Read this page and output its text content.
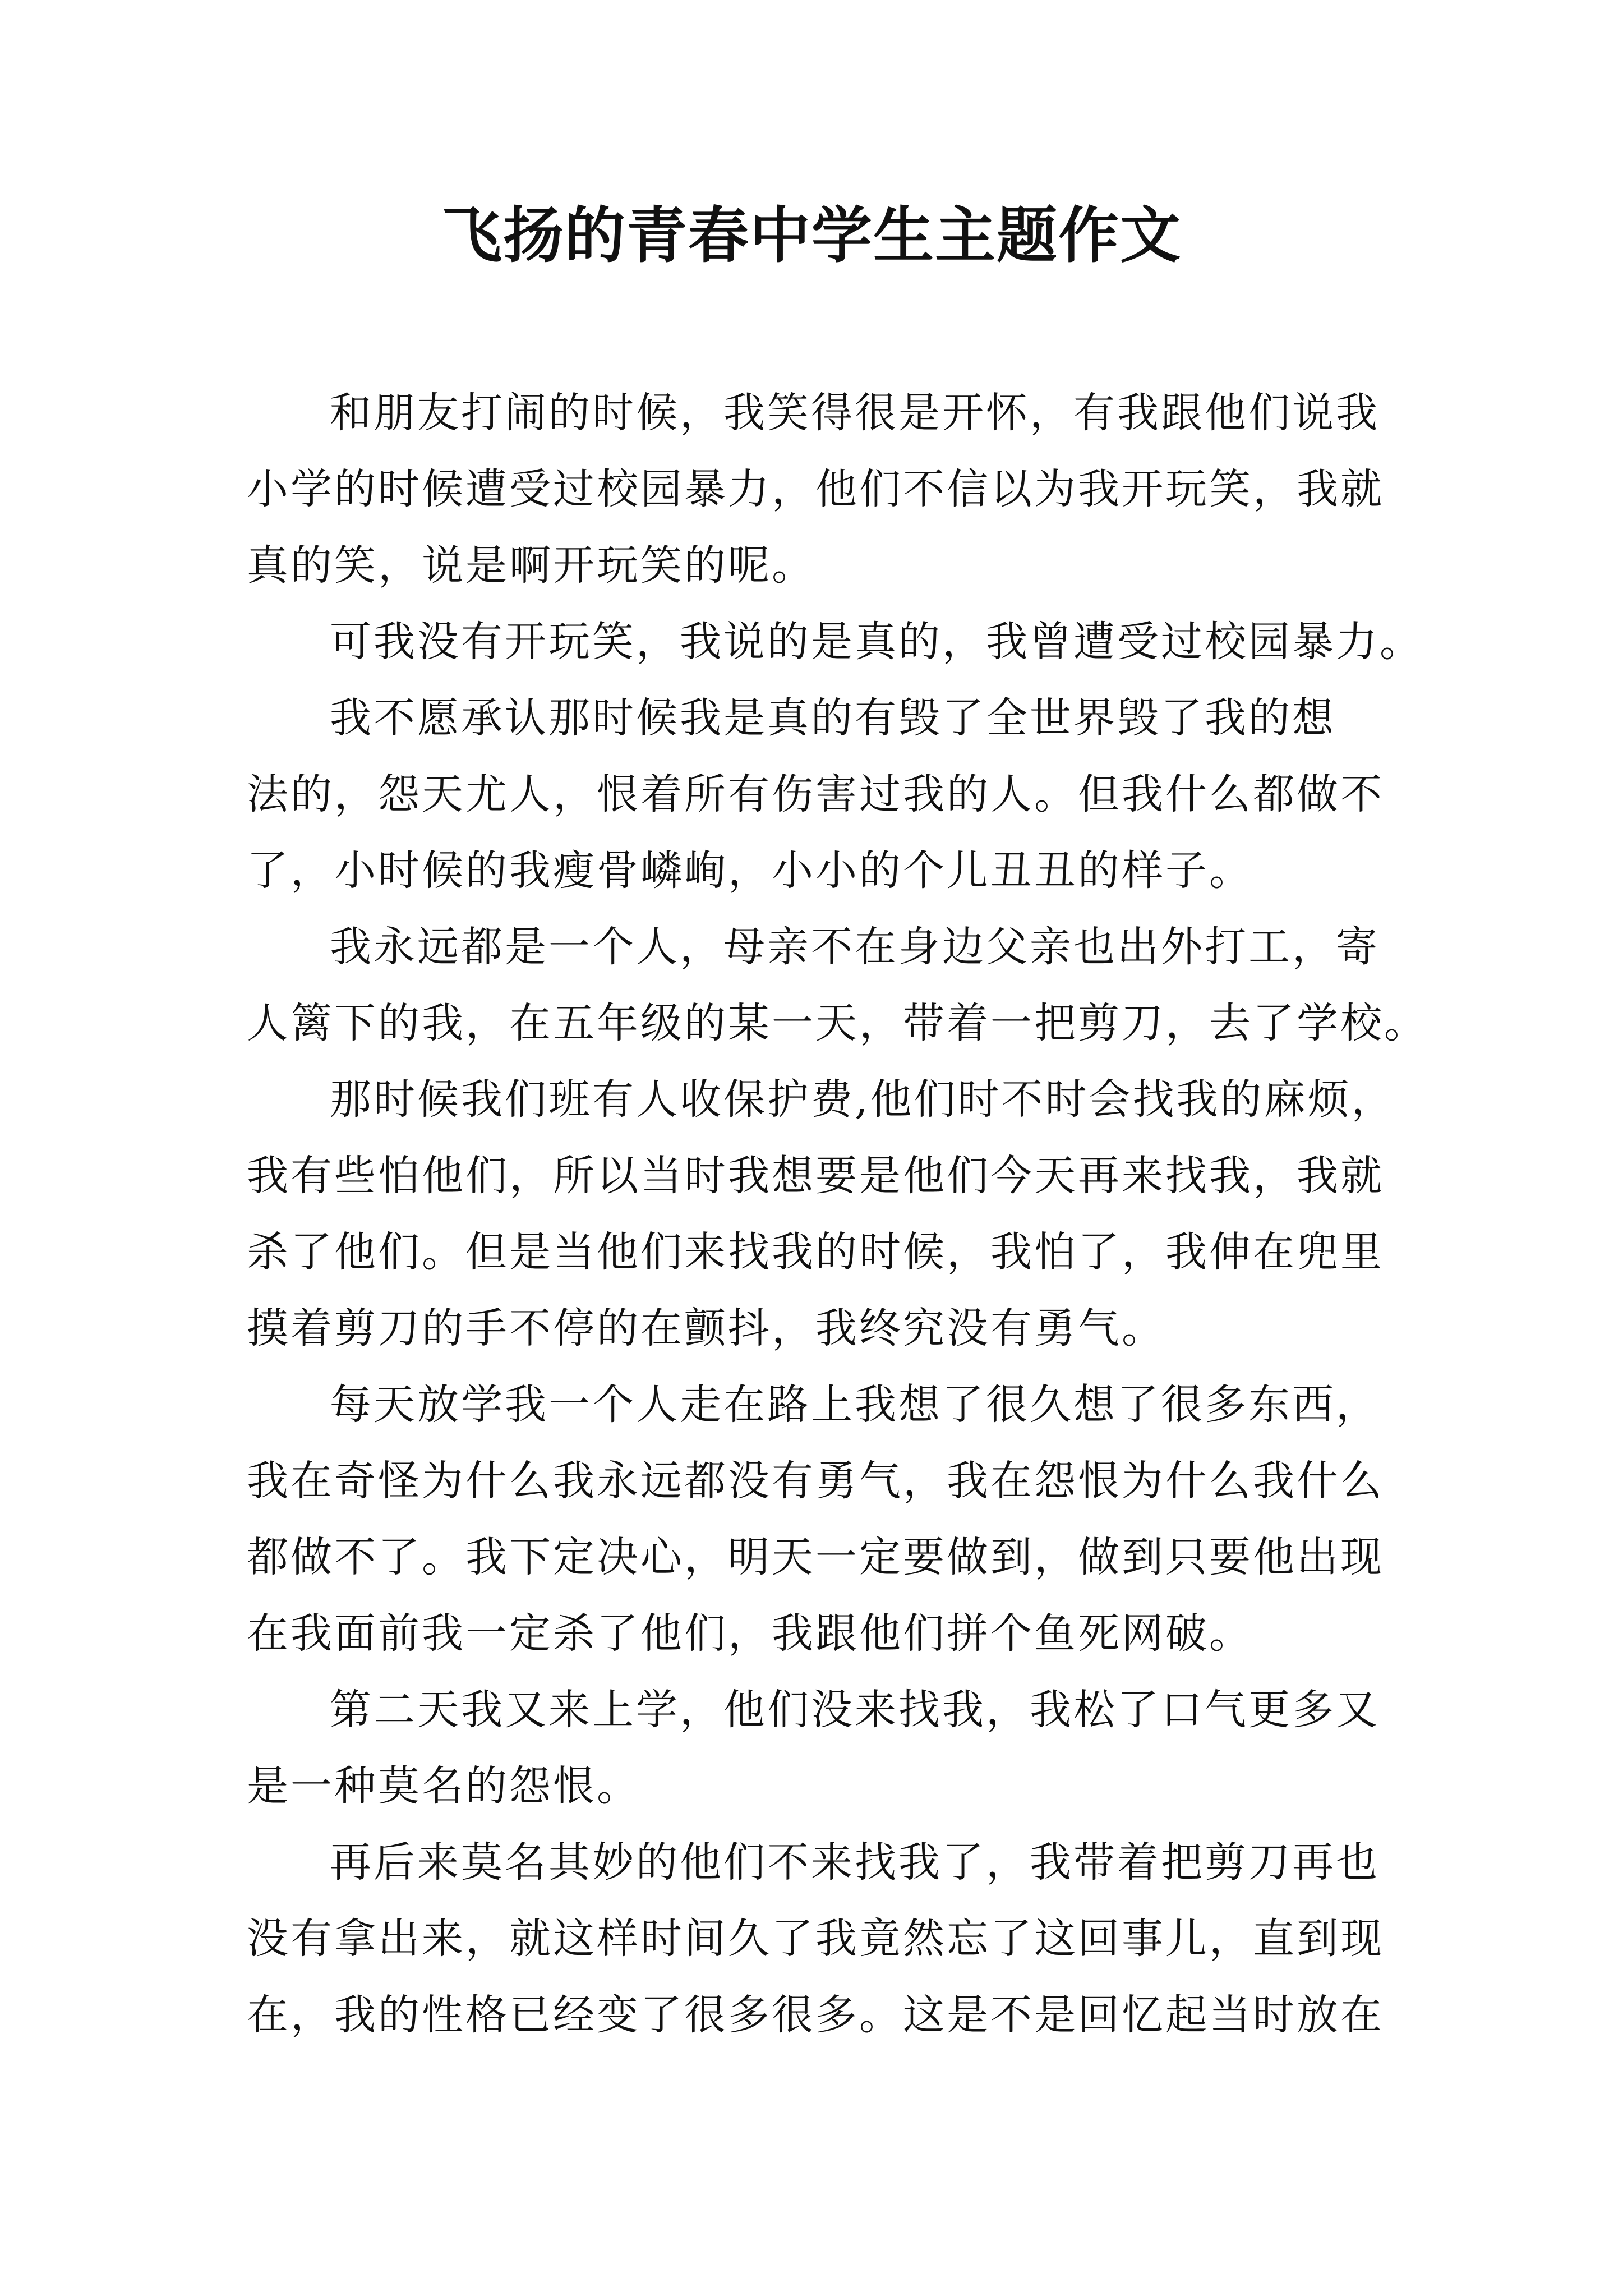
飞扬的青春中学生主题作文

和朋友打闹的时候，我笑得很是开怀，有我跟他们说我
小学的时候遭受过校园暴力，他们不信以为我开玩笑，我就
真的笑，说是啊开玩笑的呢。

可我没有开玩笑，我说的是真的，我曾遭受过校园暴力。

我不愿承认那时候我是真的有毁了全世界毁了我的想
法的，怨天尤人，恨着所有伤害过我的人。但我什么都做不
了，小时候的我瘦骨嶙峋，小小的个儿丑丑的样子。

我永远都是一个人，母亲不在身边父亲也出外打工，寄
人篱下的我，在五年级的某一天，带着一把剪刀，去了学校。

那时候我们班有人收保护费,他们时不时会找我的麻烦，
我有些怕他们，所以当时我想要是他们今天再来找我，我就
杀了他们。但是当他们来找我的时候，我怕了，我伸在兜里
摸着剪刀的手不停的在颤抖，我终究没有勇气。

每天放学我一个人走在路上我想了很久想了很多东西，
我在奇怪为什么我永远都没有勇气，我在怨恨为什么我什么
都做不了。我下定决心，明天一定要做到，做到只要他出现
在我面前我一定杀了他们，我跟他们拼个鱼死网破。

第二天我又来上学，他们没来找我，我松了口气更多又
是一种莫名的怨恨。

再后来莫名其妙的他们不来找我了，我带着把剪刀再也
没有拿出来，就这样时间久了我竟然忘了这回事儿，直到现
在，我的性格已经变了很多很多。这是不是回忆起当时放在
